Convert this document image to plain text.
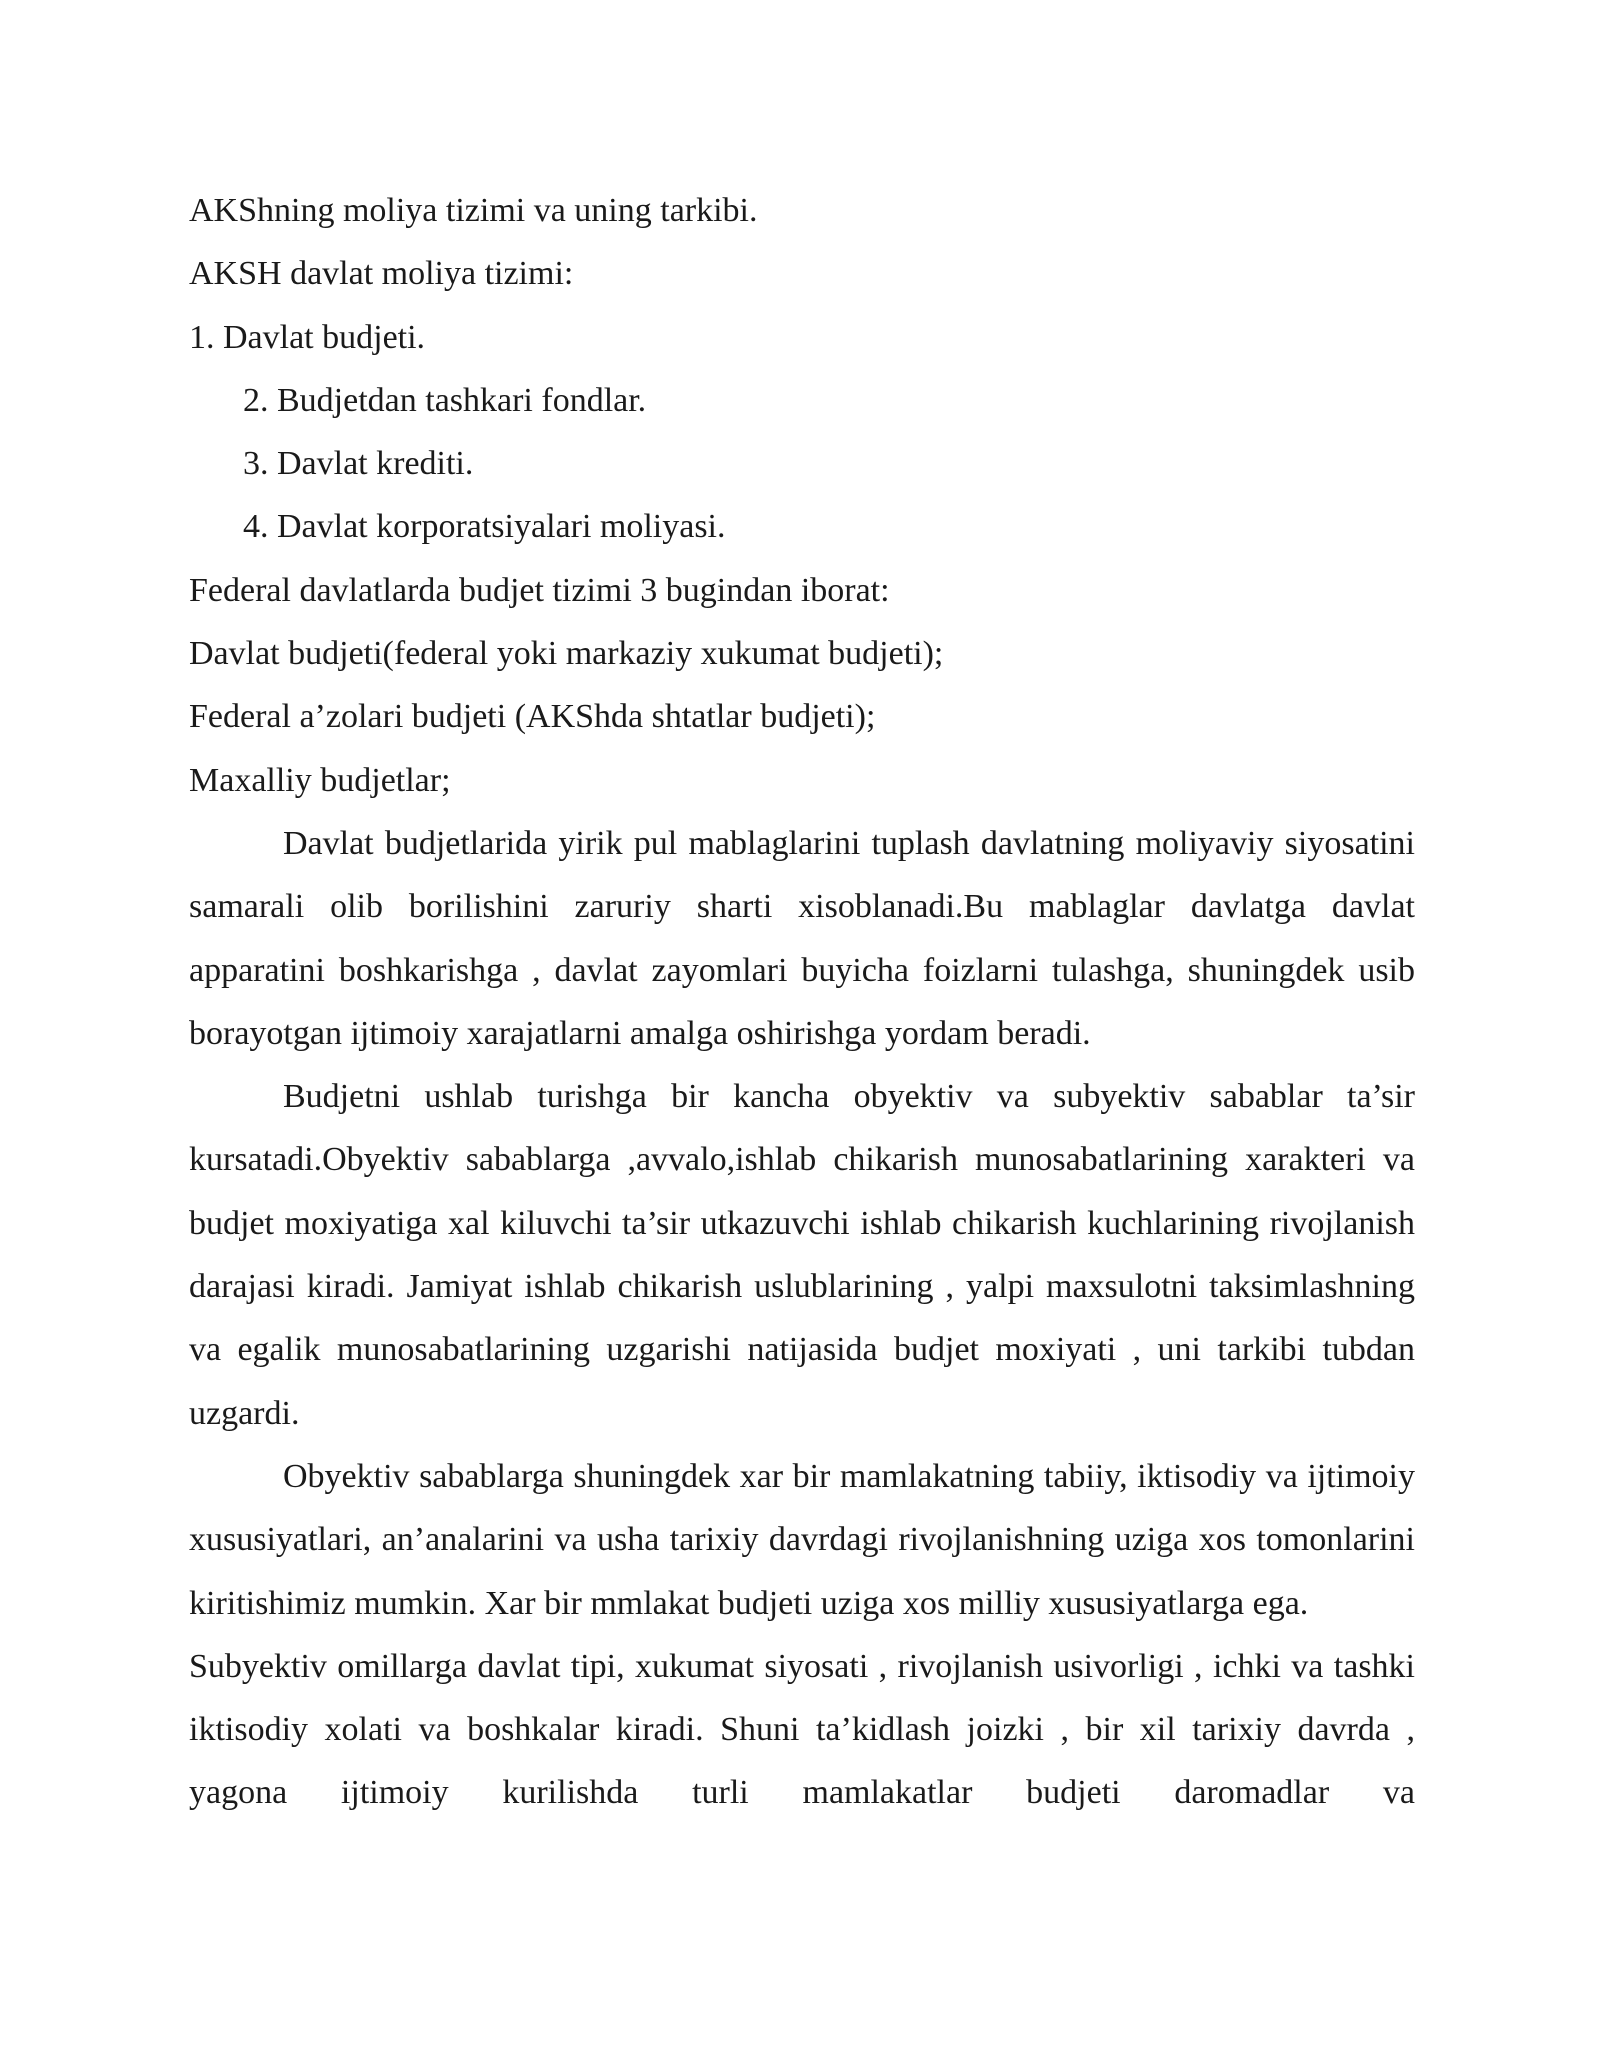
AKShning moliya tizimi va uning tarkibi.

AKSH davlat moliya tizimi:

1. Davlat budjeti.

2. Budjetdan tashkari fondlar.

3. Davlat krediti.

4. Davlat korporatsiyalari moliyasi.

Federal davlatlarda budjet tizimi 3 bugindan iborat:

Davlat budjeti(federal yoki markaziy xukumat budjeti);

Federal a’zolari budjeti (AKShda shtatlar budjeti);

Maxalliy budjetlar;

Davlat budjetlarida yirik pul mablaglarini tuplash davlatning moliyaviy siyosatini samarali olib borilishini zaruriy sharti xisoblanadi.Bu mablaglar davlatga davlat apparatini boshkarishga , davlat zayomlari buyicha foizlarni tulashga, shuningdek usib borayotgan ijtimoiy xarajatlarni amalga oshirishga yordam beradi.

Budjetni ushlab turishga bir kancha obyektiv va subyektiv sabablar ta’sir kursatadi.Obyektiv sabablarga ,avvalo,ishlab chikarish munosabatlarining xarakteri va budjet moxiyatiga xal kiluvchi ta’sir utkazuvchi ishlab chikarish kuchlarining rivojlanish darajasi kiradi. Jamiyat ishlab chikarish uslublarining , yalpi maxsulotni taksimlashning va egalik munosabatlarining uzgarishi natijasida budjet moxiyati , uni tarkibi tubdan uzgardi.

Obyektiv sabablarga shuningdek xar bir mamlakatning tabiiy, iktisodiy va ijtimoiy xususiyatlari, an’analarini va usha tarixiy davrdagi rivojlanishning uziga xos tomonlarini kiritishimiz mumkin. Xar bir mmlakat budjeti uziga xos milliy xususiyatlarga ega.

Subyektiv omillarga davlat tipi, xukumat siyosati , rivojlanish usivorligi , ichki va tashki iktisodiy xolati va boshkalar kiradi. Shuni ta’kidlash joizki , bir xil tarixiy davrda , yagona ijtimoiy kurilishda turli mamlakatlar budjeti daromadlar va
